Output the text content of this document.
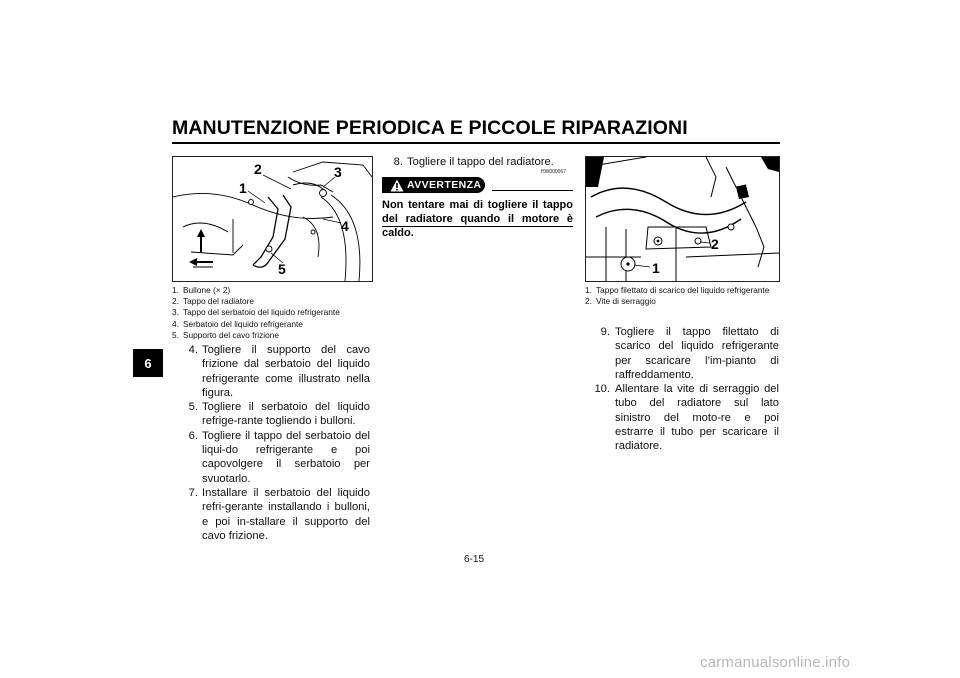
MANUTENZIONE PERIODICA E PICCOLE RIPARAZIONI
6
2
1
3
4
5
1. Bullone (× 2)
2. Tappo del radiatore
3. Tappo del serbatoio del liquido refrigerante
4. Serbatoio del liquido refrigerante
5. Supporto del cavo frizione
4. Togliere il supporto del cavo frizione dal serbatoio del liquido refrigerante come illustrato nella figura.
5. Togliere il serbatoio del liquido refrige-rante togliendo i bulloni.
6. Togliere il tappo del serbatoio del liqui-do refrigerante e poi capovolgere il serbatoio per svuotarlo.
7. Installare il serbatoio del liquido refri-gerante installando i bulloni, e poi in-stallare il supporto del cavo frizione.
8. Togliere il tappo del radiatore.
HW000067
AVVERTENZA
Non tentare mai di togliere il tappo del radiatore quando il motore è caldo.
1
2
1. Tappo filettato di scarico del liquido refrigerante
2. Vite di serraggio
9. Togliere il tappo filettato di scarico del liquido refrigerante per scaricare l’im-pianto di raffreddamento.
10. Allentare la vite di serraggio del tubo del radiatore sul lato sinistro del moto-re e poi estrarre il tubo per scaricare il radiatore.
6-15
carmanualsonline.info
